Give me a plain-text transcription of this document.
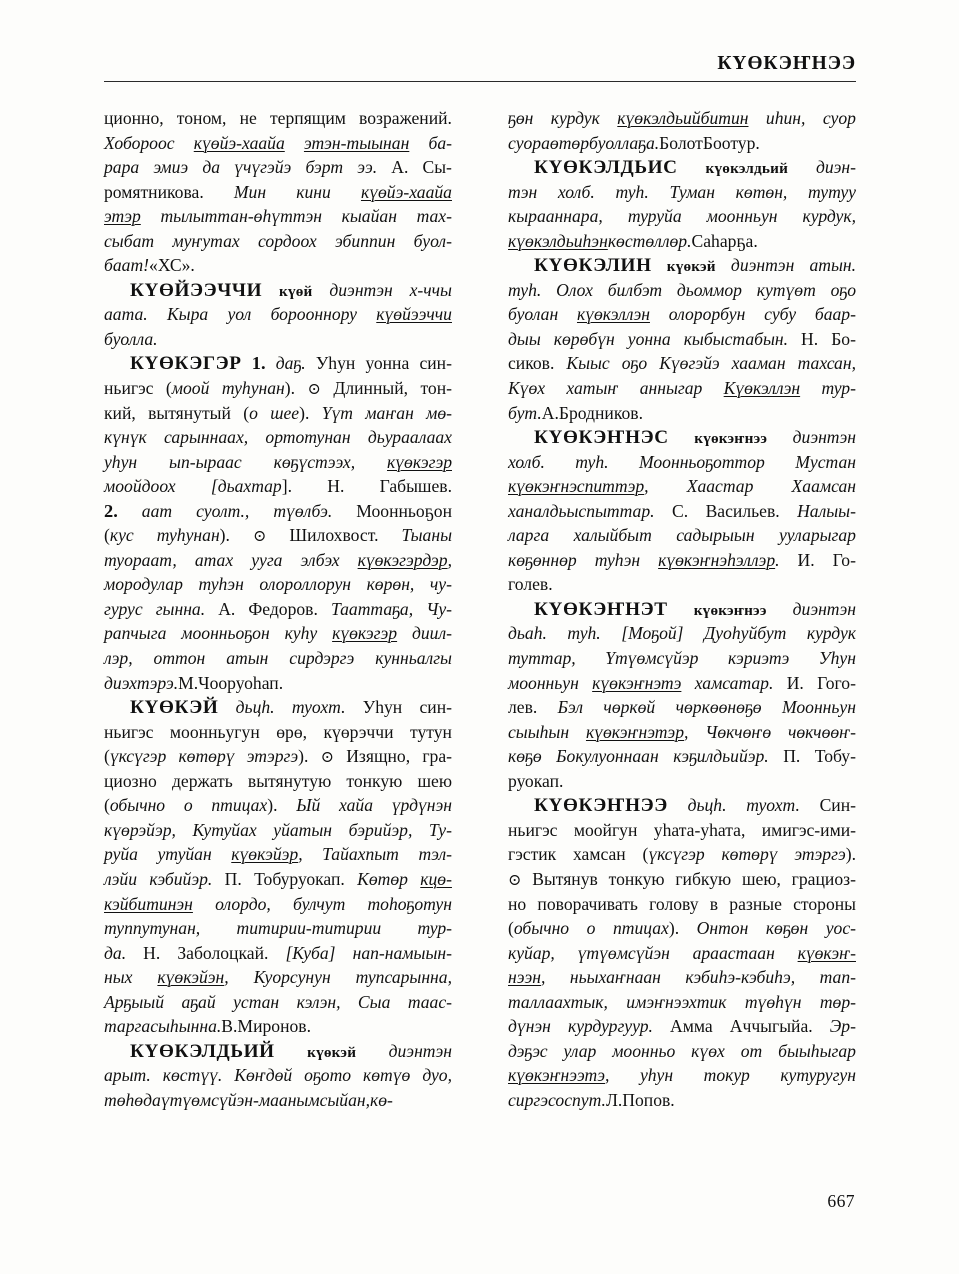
КҮӨКЭҤНЭЭ
ционно, тоном, не терпящим возражений.
Хобороос күөйэ-хаайа этэн-тыынан ба-
рара эмиэ да үчүгэйэ бэрт ээ. А. Сы-
ромятникова. Мин кини күөйэ-хаайа
этэр тылыттан-өһүттэн кыайан тах-
сыбат муҥутах сордоох эбиппин буол-
баат! «ХС».
КҮӨЙЭЭЧЧИ күөй диэнтэн х-ччы
аата. Кыра уол борооннору күөйээччи
буолла.
КҮӨКЭГЭР 1. даҕ. Уһун уонна син-
ньигэс (моой туһунан). ⊙ Длинный, тон-
кий, вытянутый (о шее). Үүт маҥан мө-
күнүк сарыннаах, ортотунан дьураалаах
уһун ып-ыраас көҕүстээх, күөкэгэр
моойдоох [дьахтар]. Н. Габышев.
2. аат суолт., түөлбэ. Моонньоҕон
(кус туһунан). ⊙ Шилохвост. Тыаны
туораат, атах ууга элбэх күөкэгэрдэр,
мородулар туһэн олороллорун көрөн, чу-
гурус гынна. А. Федоров. Тааттаҕа, Чу-
рапчыга моонньоҕон куһу күөкэгэр диил-
лэр, оттон атын сирдэргэ кунньалгы
диэхтэрэ. М. Чооруоһап.
КҮӨКЭЙ дьцһ. туохт. Уһун син-
ньигэс моонньугун өрө, күөрэччи тутун
(үксүгэр көтөрү этэргэ). ⊙ Изящно, гра-
циозно держать вытянутую тонкую шею
(обычно о птицах). Ый хайа үрдүнэн
күөрэйэр, Кутуйах уйатын бэрийэр, Ту-
руйа утуйан күөкэйэр, Тайахпыт тэл-
лэйи кэбийэр. П. Тобуруокап. Көтөр кцө-
кэйбитинэн олордо, булчут тоһоҕотун
туппутунан, титирии-титирии тур-
да. Н. Заболоцкай. [Куба] нап-намыын-
ных күөкэйэн, Куорсунун тупсарынна,
Арҕыый аҕай устан кэлэн, Сыа таас-
тарга сыһынна. В. Миронов.
КҮӨКЭЛДЬИЙ күөкэй диэнтэн
арыт. көстүү. Көҥдөй оҕото көтүө дуо,
төһө да үтүөмсүйэн-маанымсыйан, кө-
ҕөн курдук күөкэлдьийбитин иһин, суор
суора өтөр буоллаҕа. Болот Боотур.
КҮӨКЭЛДЬИС күөкэлдьий диэн-
тэн холб. туһ. Туман көтөн, тутуу
кырааннара, туруйа моонньун курдук,
күөкэлдьиһэн көстөллөр. Саһарҕа.
КҮӨКЭЛИН күөкэй диэнтэн атын.
туһ. Олох билбэт дьоммор кутүөт оҕо
буолан күөкэллэн олорорбун субу баар-
дыы көрөбүн уонна кыбыстабын. Н. Бо-
сиков. Кыыс оҕо Күөгэйэ хааман тахсан,
Күөх хатыҥ анныгар Күөкэллэн тур-
бут. А. Бродников.
КҮӨКЭҤНЭС күөкэҥнээ диэнтэн
холб. туһ. Моонньоҕоттор Мустан
күөкэҥнэспиттэр, Хаастар Хаамсан
ханалдьыспыттар. С. Васильев. Налыы-
ларга халыйбыт садырыын ууларыгар
көҕөннөр туһэн күөкэҥнэһэллэр. И. Го-
голев.
КҮӨКЭҤНЭТ күөкэҥнээ диэнтэн
дьаһ. туһ. [Моҕой] Дуоһуйбут курдук
туттар, Үтүөмсүйэр кэриэтэ Уһун
моонньун күөкэҥнэтэ хамсатар. И. Гого-
лев. Бэл чөркөй чөркөөнөҕө Моонньун
сыыһын күөкэҥнэтэр, Чөкчөҥө чөкчөөҥ-
көҕө Бокулуоннаан кэҕилдьийэр. П. Тобу-
руокап.
КҮӨКЭҤНЭЭ дьцһ. туохт. Син-
ньигэс моойгун уһата-уһата, имигэс-ими-
гэстик хамсан (үксүгэр көтөрү этэргэ).
⊙ Вытянув тонкую гибкую шею, грациоз-
но поворачивать голову в разные стороны
(обычно о птицах). Онтон көҕөн уос-
куйар, үтүөмсүйэн араастаан күөкэҥ-
нээн, ньыхаҥнаан кэбиһэ-кэбиһэ, тап-
таллаахтык, имэҥнээхтик түөһүн төр-
дүнэн курдургуур. Амма Аччыгыйа. Эр-
дэҕэс улар моонньо күөх от быыһыгар
күөкэҥнээтэ, уһун токур кутуругун
сиргэ соспут. Л. Попов.
667
